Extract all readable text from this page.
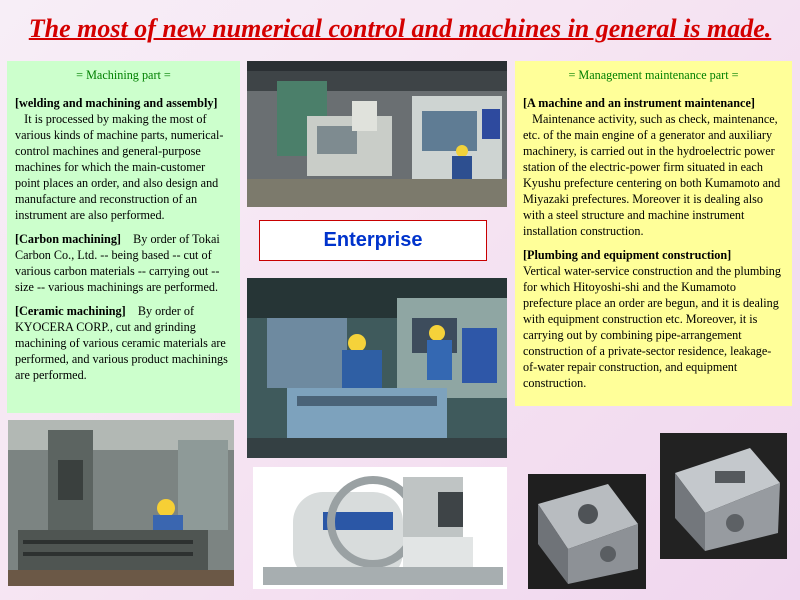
The most of new numerical control and machines in general is made.
= Machining part =

[welding and machining and assembly]
It is processed by making the most of various kinds of machine parts, numerical-control machines and general-purpose machines for which the main-customer point places an order, and also design and manufacture and reconstruction of an instrument are also performed.

[Carbon machining] By order of Tokai Carbon Co., Ltd. -- being based -- cut of various carbon materials -- carrying out -- size -- various machinings are performed.

[Ceramic machining] By order of KYOCERA CORP., cut and grinding machining of various ceramic materials are performed, and various product machinings are performed.

= Management maintenance part =

[A machine and an instrument maintenance]
Maintenance activity, such as check, maintenance, etc. of the main engine of a generator and auxiliary machinery, is carried out in the hydroelectric power station of the electric-power firm situated in each Kyushu prefecture centering on both Kumamoto and Miyazaki prefectures. Moreover it is dealing also with a steel structure and machine instrument installation construction.

[Plumbing and equipment construction]
Vertical water-service construction and the plumbing for which Hitoyoshi-shi and the Kumamoto prefecture place an order are begun, and it is dealing with equipment construction etc. Moreover, it is carrying out by combining pipe-arrangement construction of a private-sector residence, leakage-of-water repair construction, and equipment construction.

Enterprise
